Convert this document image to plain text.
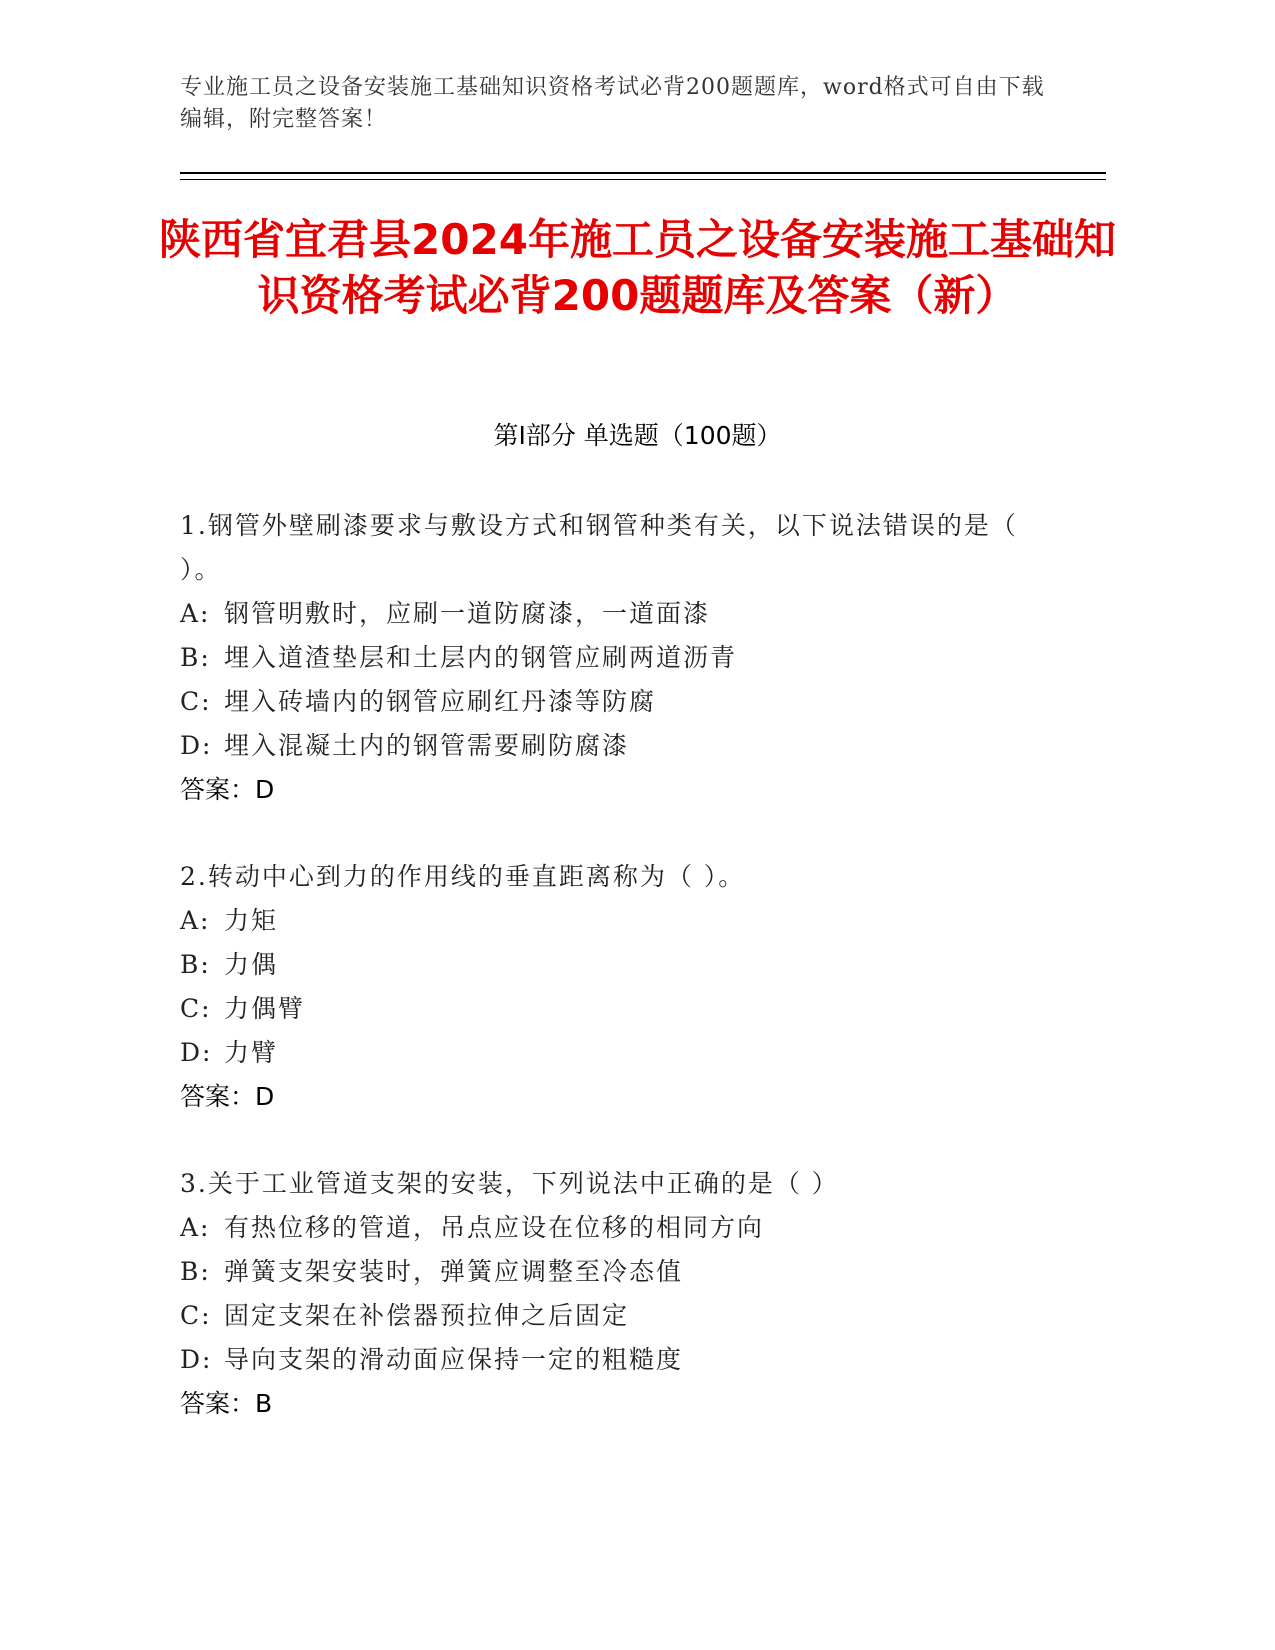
专业施工员之设备安装施工基础知识资格考试必背200题题库，word格式可自由下载编辑，附完整答案！
陕西省宜君县2024年施工员之设备安装施工基础知识资格考试必背200题题库及答案（新）
第Ⅰ部分 单选题（100题）
1.钢管外壁刷漆要求与敷设方式和钢管种类有关，以下说法错误的是（ ）。
A: 钢管明敷时，应刷一道防腐漆，一道面漆
B: 埋入道渣垫层和土层内的钢管应刷两道沥青
C: 埋入砖墙内的钢管应刷红丹漆等防腐
D: 埋入混凝土内的钢管需要刷防腐漆
答案：D
2.转动中心到力的作用线的垂直距离称为（ ）。
A: 力矩
B: 力偶
C: 力偶臂
D: 力臂
答案：D
3.关于工业管道支架的安装，下列说法中正确的是（ ）
A: 有热位移的管道，吊点应设在位移的相同方向
B: 弹簧支架安装时，弹簧应调整至冷态值
C: 固定支架在补偿器预拉伸之后固定
D: 导向支架的滑动面应保持一定的粗糙度
答案：B
